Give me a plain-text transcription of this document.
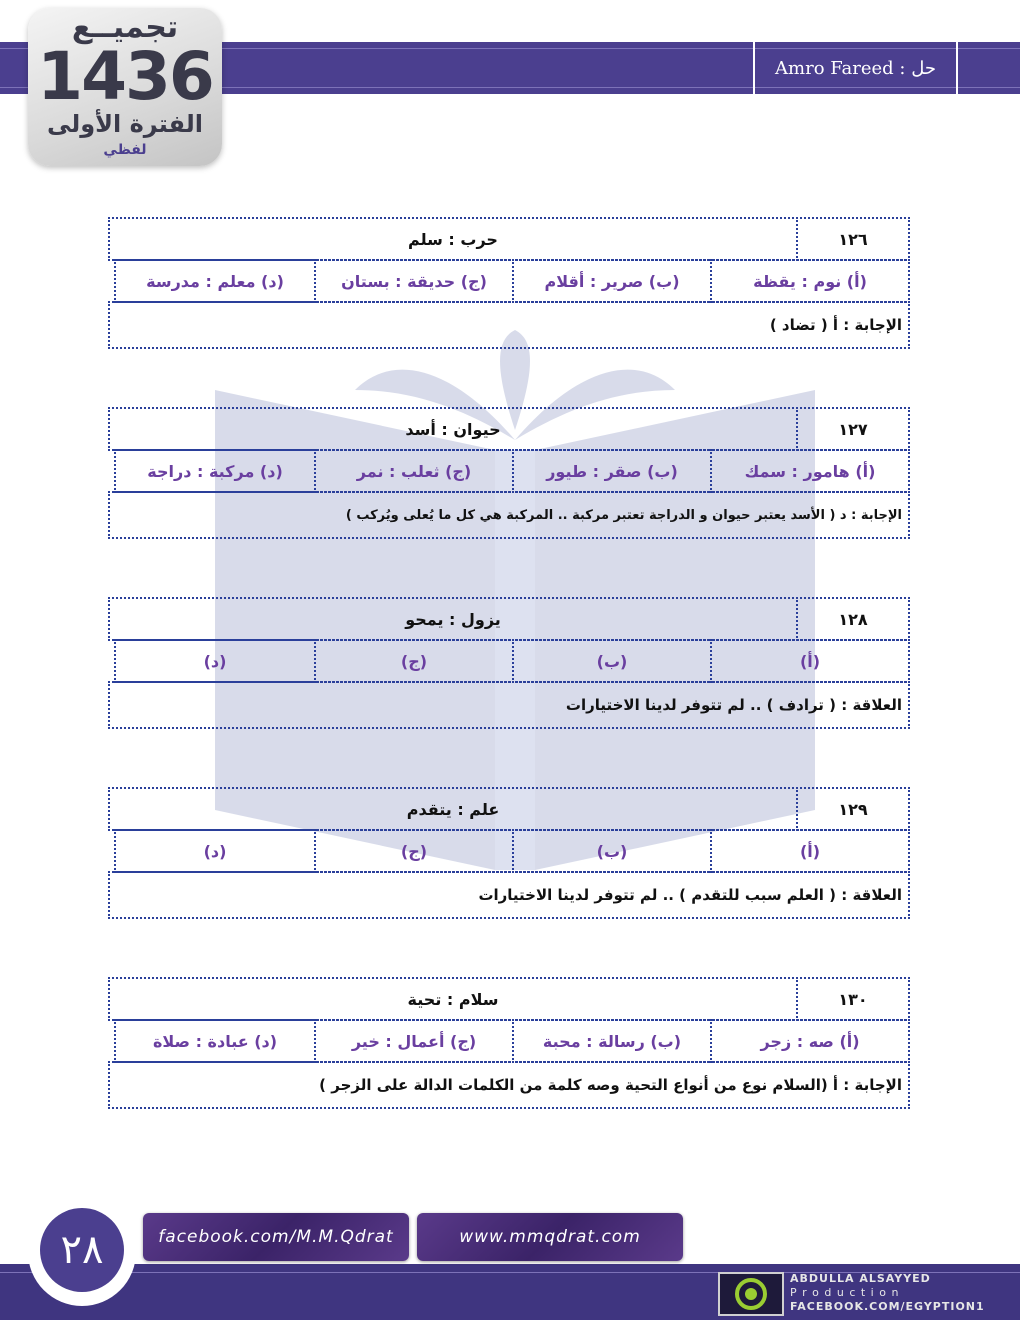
حل : Amro Fareed
تجميــع
1436
الفترة الأولى
لفظي
١٢٦
حرب : سلم
(أ) نوم : يقظة
(ب) صرير : أقلام
(ج) حديقة : بستان
(د) معلم : مدرسة
الإجابة : أ ( تضاد )
١٢٧
حيوان : أسد
(أ) هامور : سمك
(ب) صقر : طيور
(ج) ثعلب : نمر
(د) مركبة : دراجة
الإجابة : د ( الأسد يعتبر حيوان و الدراجة تعتبر مركبة .. المركبة هي كل ما يُعلى ويُركب )
١٢٨
يزول : يمحو
(أ)
(ب)
(ج)
(د)
العلاقة : ( ترادف ) .. لم تتوفر لدينا الاختيارات
١٢٩
علم : يتقدم
(أ)
(ب)
(ج)
(د)
العلاقة : ( العلم سبب للتقدم ) .. لم تتوفر لدينا الاختيارات
١٣٠
سلام : تحية
(أ) صه : زجر
(ب) رسالة : محبة
(ج) أعمال : خير
(د) عبادة : صلاة
الإجابة : أ (السلام نوع من أنواع التحية وصه كلمة من الكلمات الدالة على الزجر )
٢٨	facebook.com/M.M.Qdrat	www.mmqdrat.com
ABDULLA ALSAYYED
P r o d u c t i o n
FACEBOOK.COM/EGYPTION1
